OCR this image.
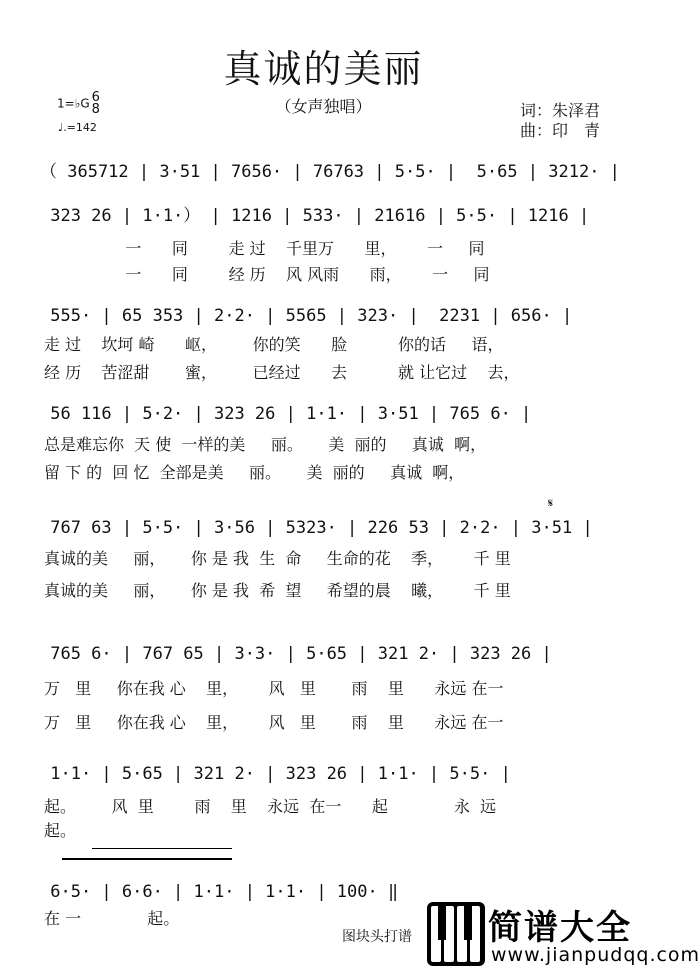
真诚的美丽
（女声独唱）
1=♭G 6
8
♩.=142
词：朱泽君
曲：印　青
𝄋
（ 365712 | 3·51 | 7656· | 76763 | 5·5· |  5·65 | 3212· |
323 26 | 1·1·） | 1216 | 533· | 21616 | 5·5· | 1216 |
一      同        走 过    千里万      里，      一     同
一      同        经 历    风 风雨      雨，      一     同
555· | 65 353 | 2·2· | 5565 | 323· |  2231 | 656· |
走 过    坎坷 崎      岖，       你的笑      脸          你的话     语，
经 历    苦涩甜       蜜，       已经过      去          就 让它过    去，
56 116 | 5·2· | 323 26 | 1·1· | 3·51 | 765 6· |
总是难忘你  天 使  一样的美     丽。     美  丽的     真诚  啊，
留 下 的  回 忆  全部是美     丽。     美  丽的     真诚  啊，
767 63 | 5·5· | 3·56 | 5323· | 226 53 | 2·2· | 3·51 |
真诚的美     丽，     你 是 我  生  命     生命的花    季，      千 里
真诚的美     丽，     你 是 我  希  望     希望的晨    曦，      千 里
765 6· | 767 65 | 3·3· | 5·65 | 321 2· | 323 26 |
万   里     你在我 心    里，      风   里       雨    里      永远 在一
万   里     你在我 心    里，      风   里       雨    里      永远 在一
1·1· | 5·65 | 321 2· | 323 26 | 1·1· | 5·5· |
起。       风  里        雨    里    永远  在一      起             永  远
起。
6·5· | 6·6· | 1·1· | 1·1· | 100· ‖
在 一             起。
图块头打谱 简谱大全
www.jianpudqq.com
